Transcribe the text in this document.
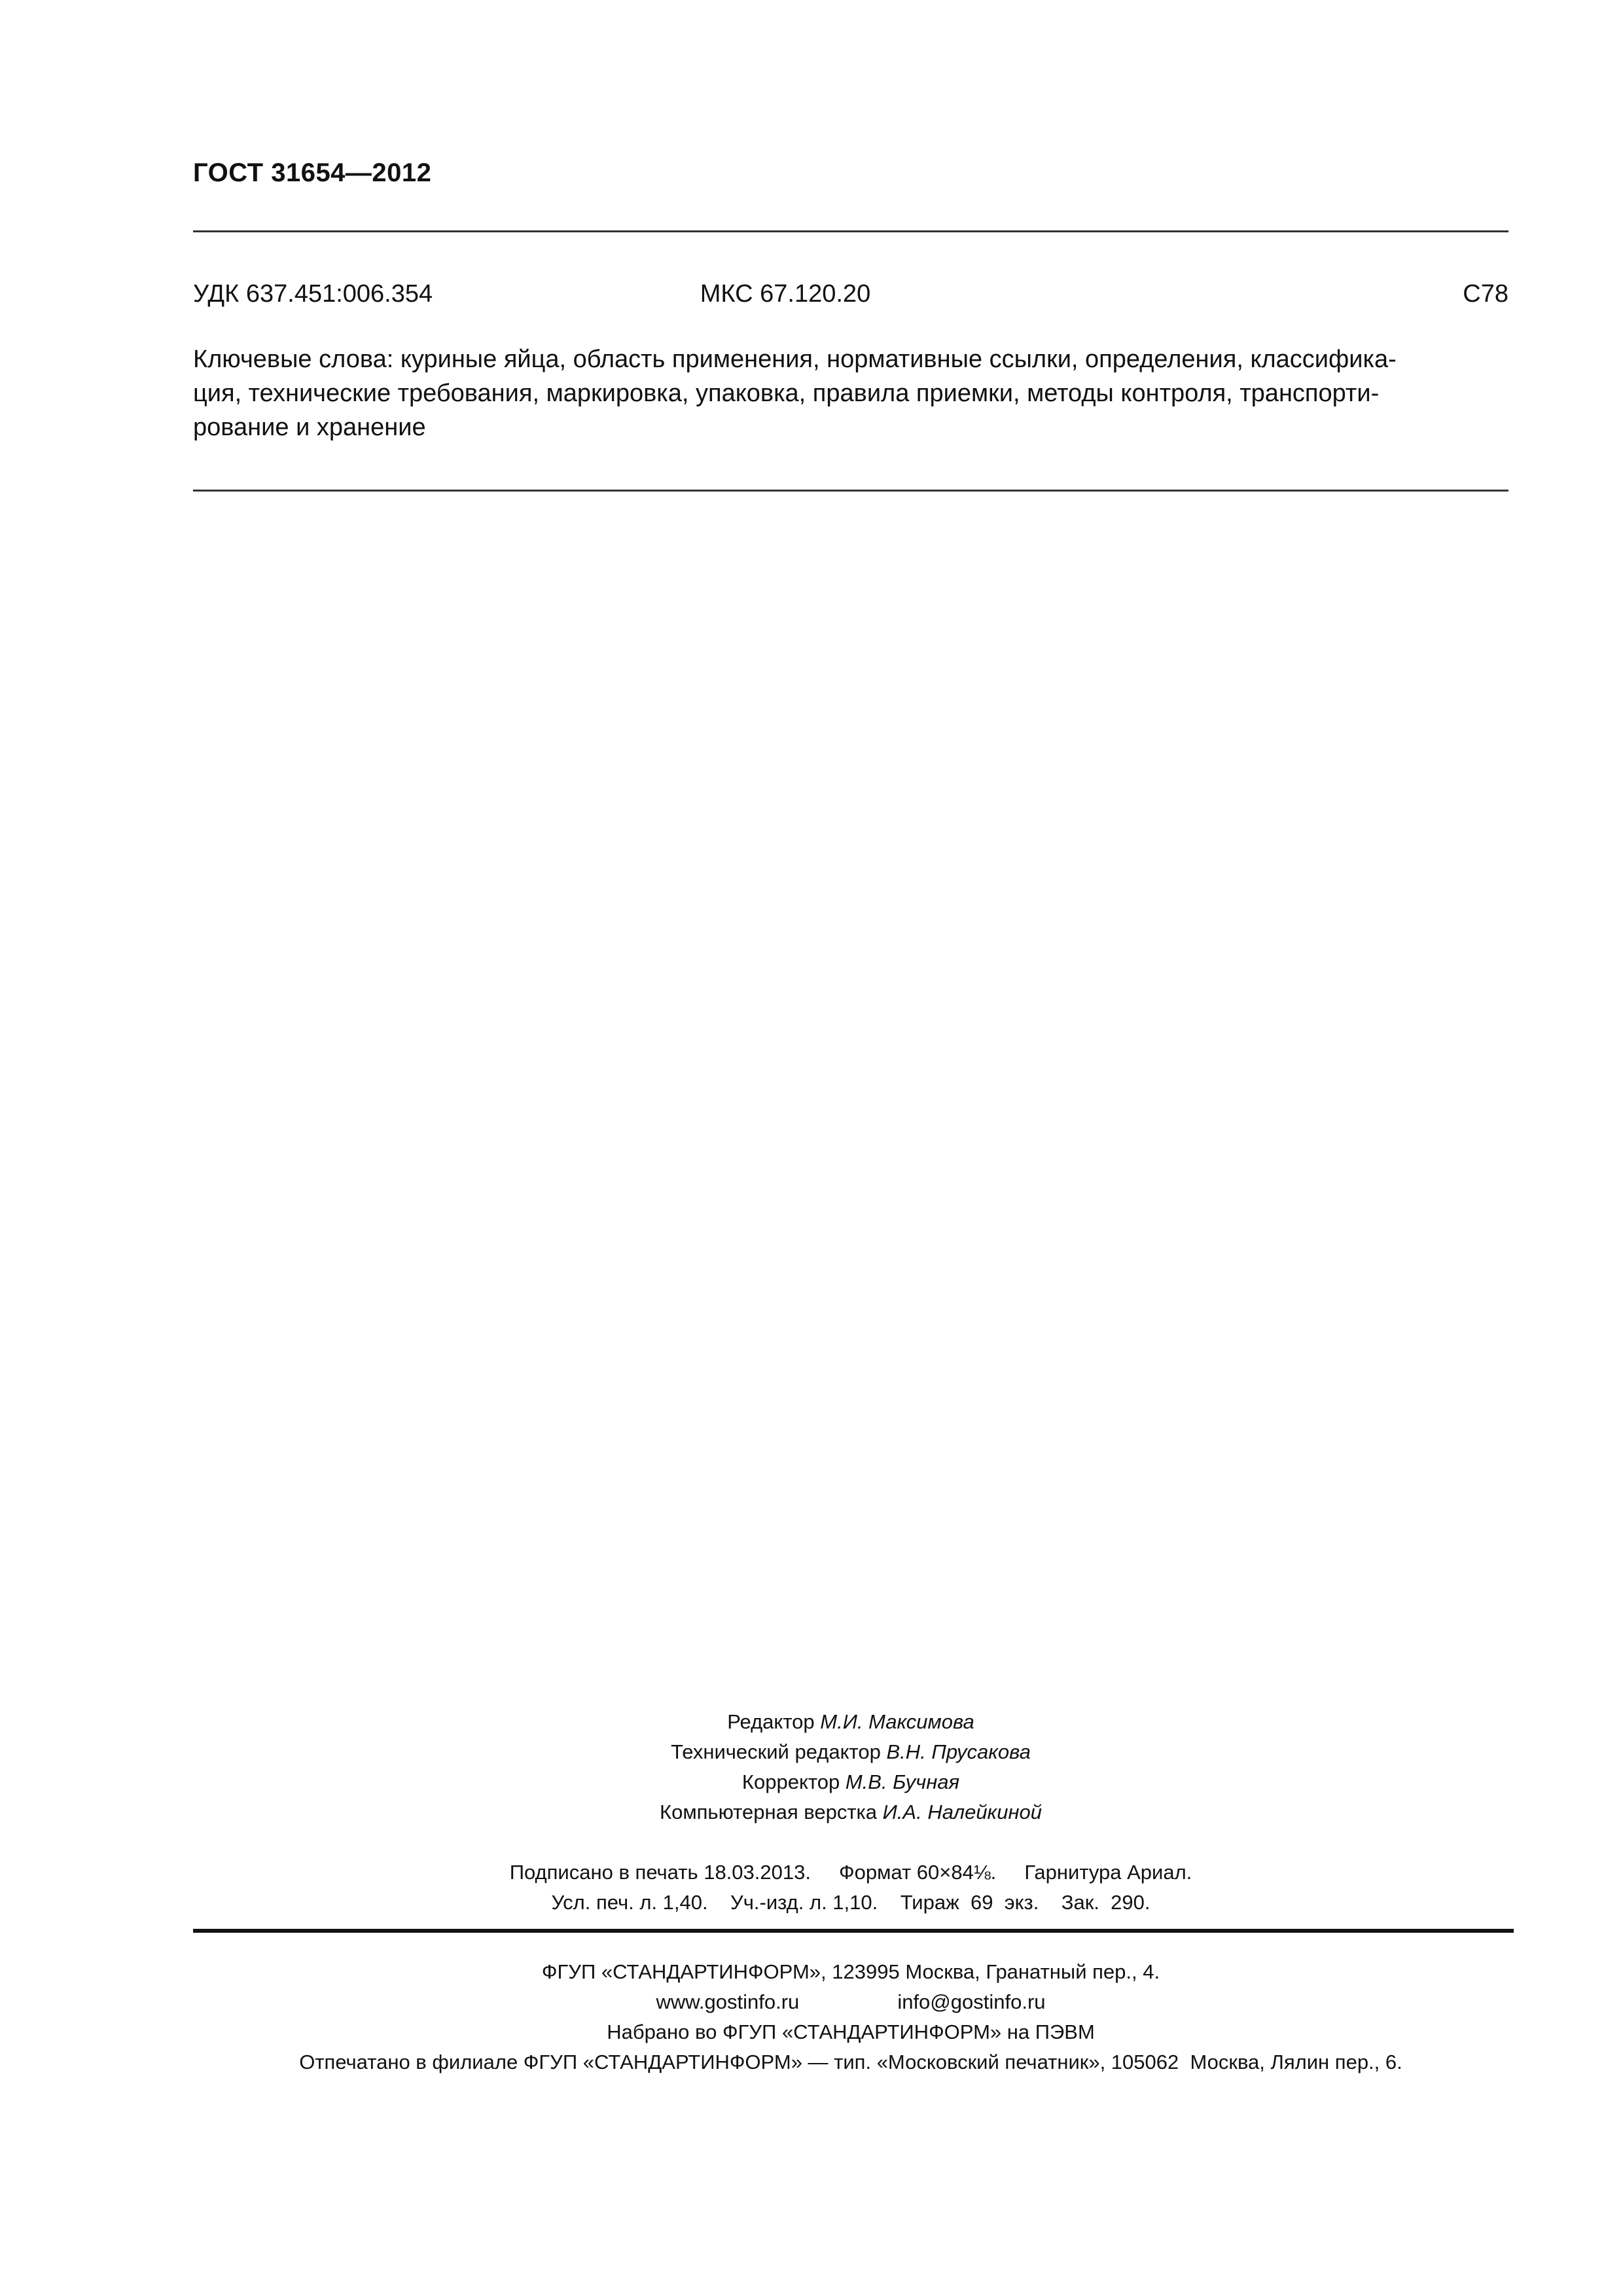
ГОСТ 31654—2012
УДК 637.451:006.354	МКС 67.120.20	С78
Ключевые слова: куриные яйца, область применения, нормативные ссылки, определения, классифика-
ция, технические требования, маркировка, упаковка, правила приемки, методы контроля, транспорти-
рование и хранение
Редактор М.И. Максимова
Технический редактор В.Н. Прусакова
Корректор М.В. Бучная
Компьютерная верстка И.А. Налейкиной
Подписано в печать 18.03.2013.     Формат 60×84⅛.     Гарнитура Ариал.
Усл. печ. л. 1,40.    Уч.-изд. л. 1,10.    Тираж  69  экз.    Зак.  290.
ФГУП «СТАНДАРТИНФОРМ», 123995 Москва, Гранатный пер., 4.
www.gostinfo.ru	info@gostinfo.ru
Набрано во ФГУП «СТАНДАРТИНФОРМ» на ПЭВМ
Отпечатано в филиале ФГУП «СТАНДАРТИНФОРМ» — тип. «Московский печатник», 105062  Москва, Лялин пер., 6.
